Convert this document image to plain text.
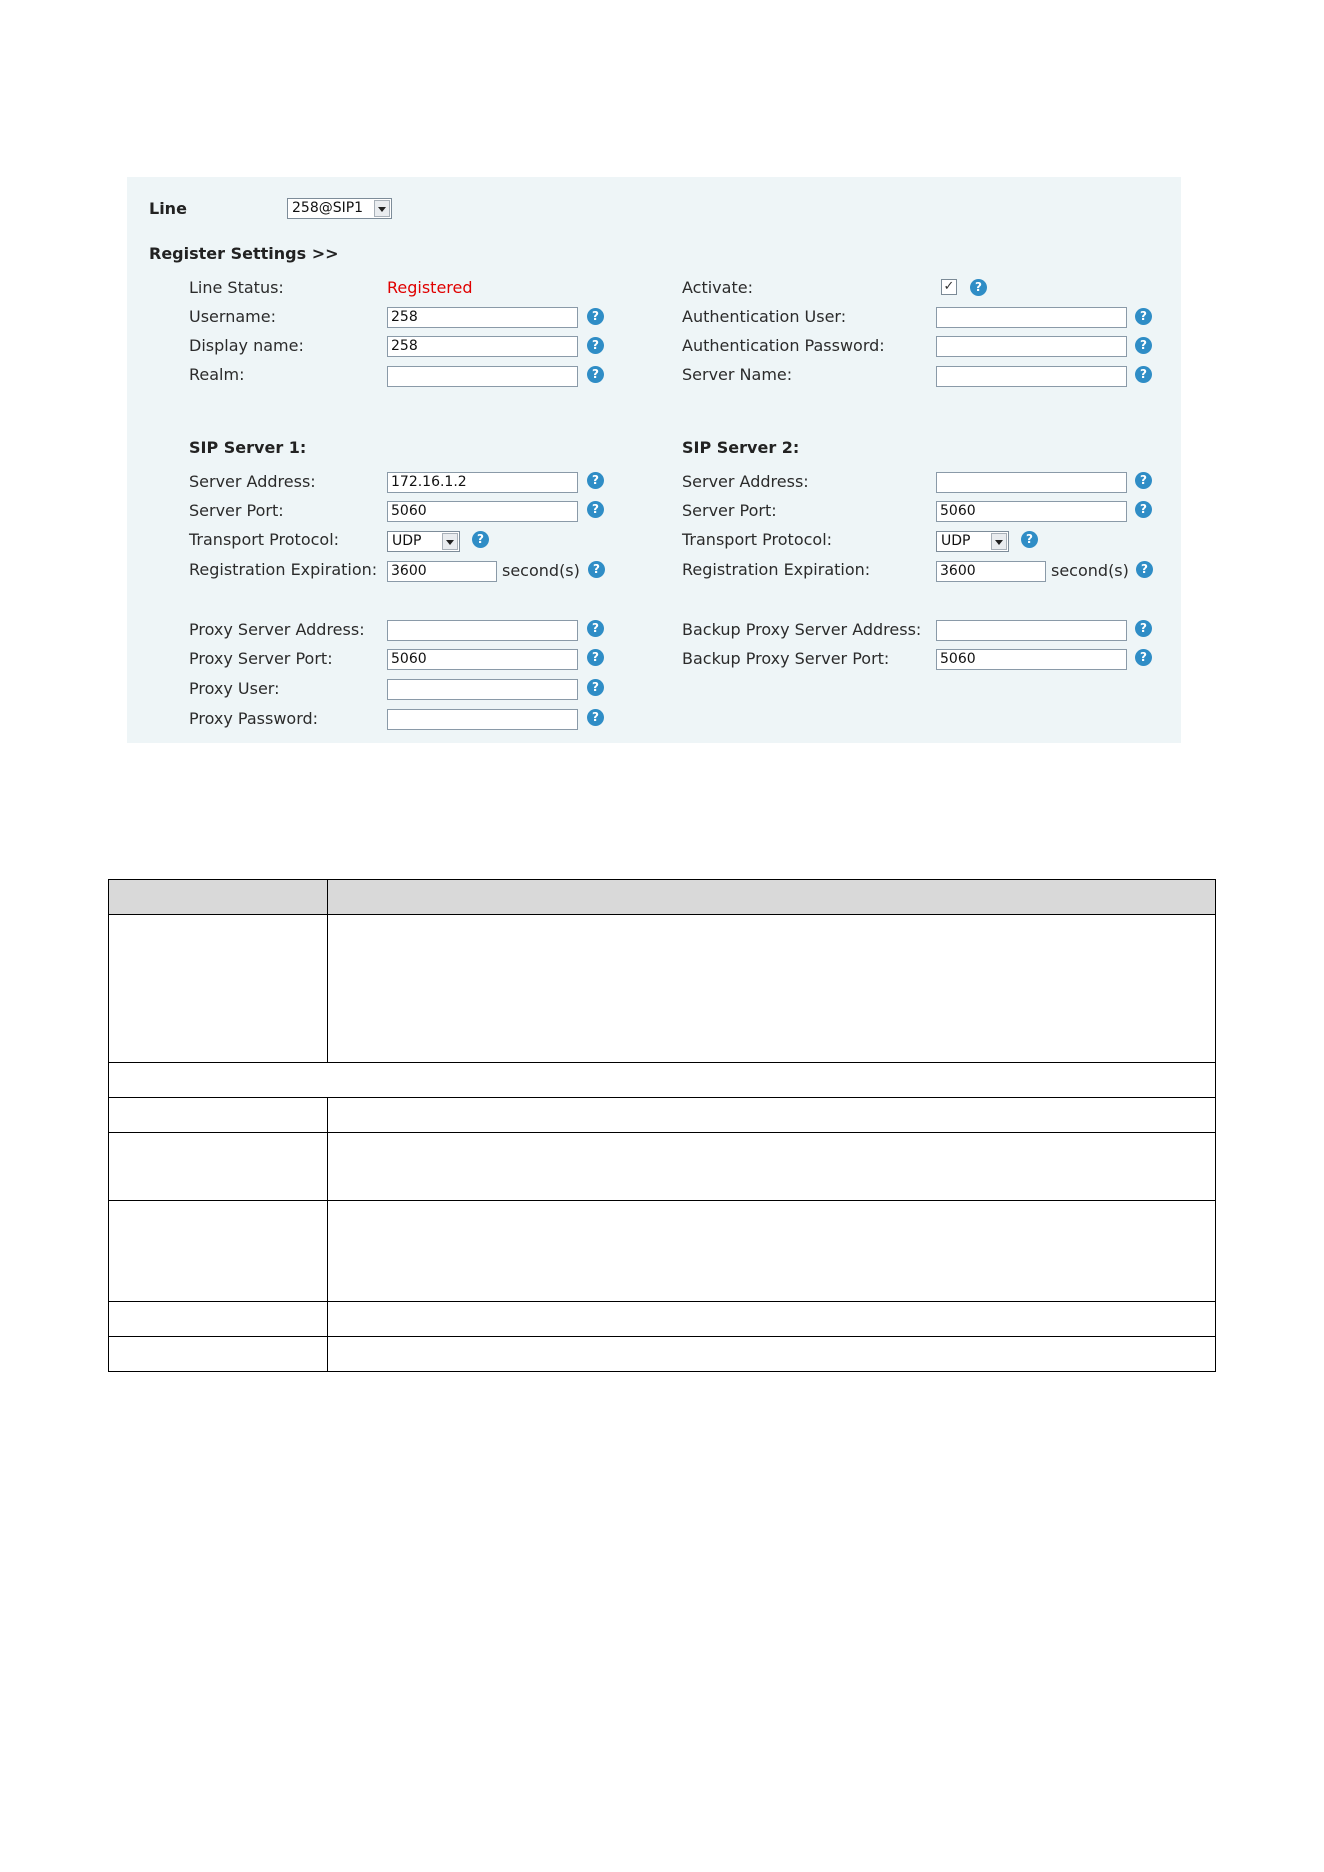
Line	258@SIP1
Register Settings >>
Line Status:	Registered
Username:	258	?
Display name:	258	?
Realm:	?
Activate:	✓	?
Authentication User:	?
Authentication Password:	?
Server Name:	?
SIP Server 1:
Server Address:	172.16.1.2	?
Server Port:	5060	?
Transport Protocol:	UDP	?
Registration Expiration: 3600	second(s)	?
SIP Server 2:
Server Address:	?
Server Port:	5060	?
Transport Protocol:	UDP	?
Registration Expiration:	3600	second(s)	?
Proxy Server Address:	?
Proxy Server Port:	5060	?
Proxy User:	?
Proxy Password:	?
Backup Proxy Server Address:	?
Backup Proxy Server Port:	5060	?
